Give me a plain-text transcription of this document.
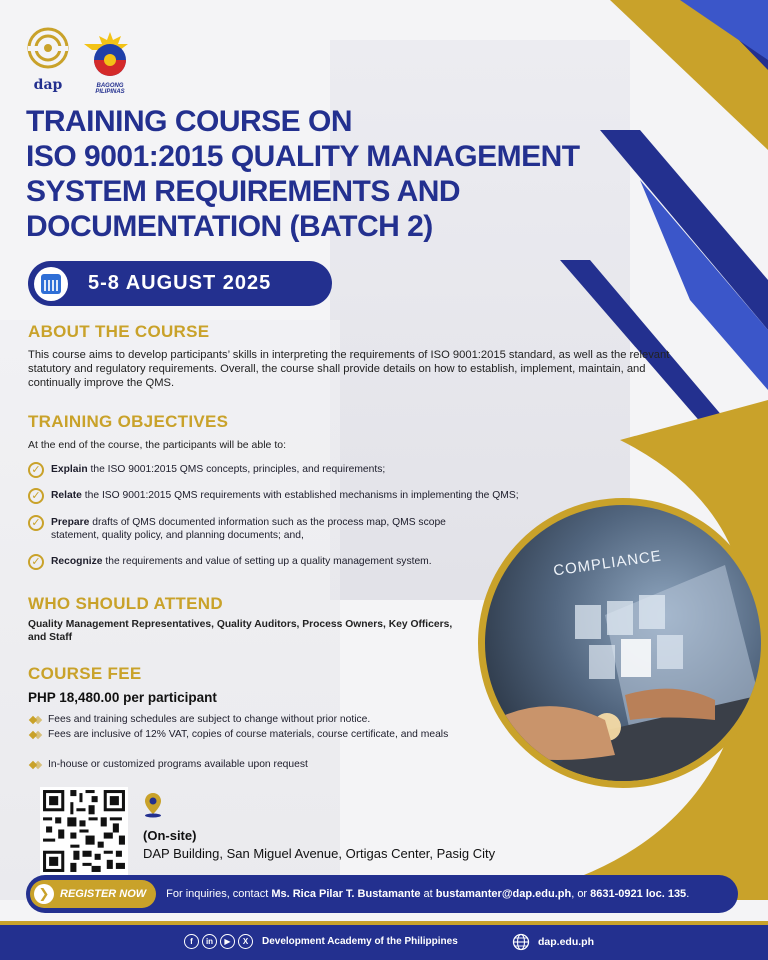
dap	BAGONG PILIPINAS
TRAINING COURSE ON
ISO 9001:2015 QUALITY MANAGEMENT
SYSTEM REQUIREMENTS AND
DOCUMENTATION (BATCH 2)
5-8 AUGUST 2025
ABOUT THE COURSE
This course aims to develop participants’ skills in interpreting the requirements of ISO 9001:2015 standard, as well as the relevant statutory and regulatory requirements. Overall, the course shall provide details on how to establish, implement, maintain, and continually improve the QMS.
TRAINING OBJECTIVES
At the end of the course, the participants will be able to:
✓	Explain the ISO 9001:2015 QMS concepts, principles, and requirements;
✓	Relate the ISO 9001:2015 QMS requirements with established mechanisms in implementing the QMS;
✓	Prepare drafts of QMS documented information such as the process map, QMS scope statement, quality policy, and planning documents; and,
✓	Recognize the requirements and value of setting up a quality management system.
WHO SHOULD ATTEND
Quality Management Representatives, Quality Auditors, Process Owners, Key Officers, and Staff
COURSE FEE
PHP 18,480.00 per participant
Fees and training schedules are subject to change without prior notice.
Fees are inclusive of 12% VAT, copies of course materials, course certificate, and meals
In-house or customized programs available upon request
COMPLIANCE
(On-site)
DAP Building, San Miguel Avenue, Ortigas Center, Pasig City
❯ REGISTER NOW For inquiries, contact Ms. Rica Pilar T. Bustamante at bustamanter@dap.edu.ph, or 8631-0921 loc. 135.
f	in	▶	X	Development Academy of the Philippines	dap.edu.ph
